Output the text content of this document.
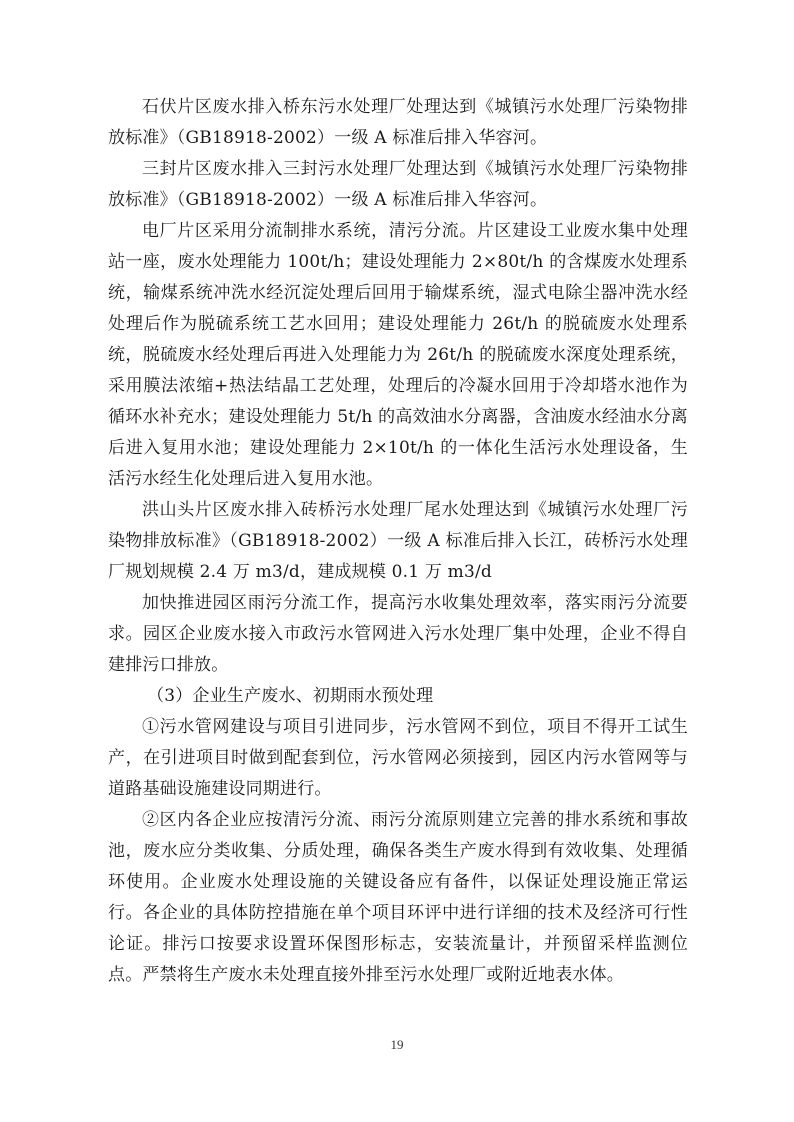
石伏片区废水排入桥东污水处理厂处理达到《城镇污水处理厂污染物排放标准》（GB18918-2002）一级 A 标准后排入华容河。

三封片区废水排入三封污水处理厂处理达到《城镇污水处理厂污染物排放标准》（GB18918-2002）一级 A 标准后排入华容河。

电厂片区采用分流制排水系统，清污分流。片区建设工业废水集中处理站一座，废水处理能力 100t/h；建设处理能力 2×80t/h 的含煤废水处理系统，输煤系统冲洗水经沉淀处理后回用于输煤系统，湿式电除尘器冲洗水经处理后作为脱硫系统工艺水回用；建设处理能力 26t/h 的脱硫废水处理系统，脱硫废水经处理后再进入处理能力为 26t/h 的脱硫废水深度处理系统，采用膜法浓缩+热法结晶工艺处理，处理后的冷凝水回用于冷却塔水池作为循环水补充水；建设处理能力 5t/h 的高效油水分离器，含油废水经油水分离后进入复用水池；建设处理能力 2×10t/h 的一体化生活污水处理设备，生活污水经生化处理后进入复用水池。

洪山头片区废水排入砖桥污水处理厂尾水处理达到《城镇污水处理厂污染物排放标准》（GB18918-2002）一级 A 标准后排入长江，砖桥污水处理厂规划规模 2.4 万 m3/d，建成规模 0.1 万 m3/d

加快推进园区雨污分流工作，提高污水收集处理效率，落实雨污分流要求。园区企业废水接入市政污水管网进入污水处理厂集中处理，企业不得自建排污口排放。

（3）企业生产废水、初期雨水预处理

①污水管网建设与项目引进同步，污水管网不到位，项目不得开工试生产，在引进项目时做到配套到位，污水管网必须接到，园区内污水管网等与道路基础设施建设同期进行。

②区内各企业应按清污分流、雨污分流原则建立完善的排水系统和事故池，废水应分类收集、分质处理，确保各类生产废水得到有效收集、处理循环使用。企业废水处理设施的关键设备应有备件，以保证处理设施正常运行。各企业的具体防控措施在单个项目环评中进行详细的技术及经济可行性论证。排污口按要求设置环保图形标志，安装流量计，并预留采样监测位点。严禁将生产废水未处理直接外排至污水处理厂或附近地表水体。

19
